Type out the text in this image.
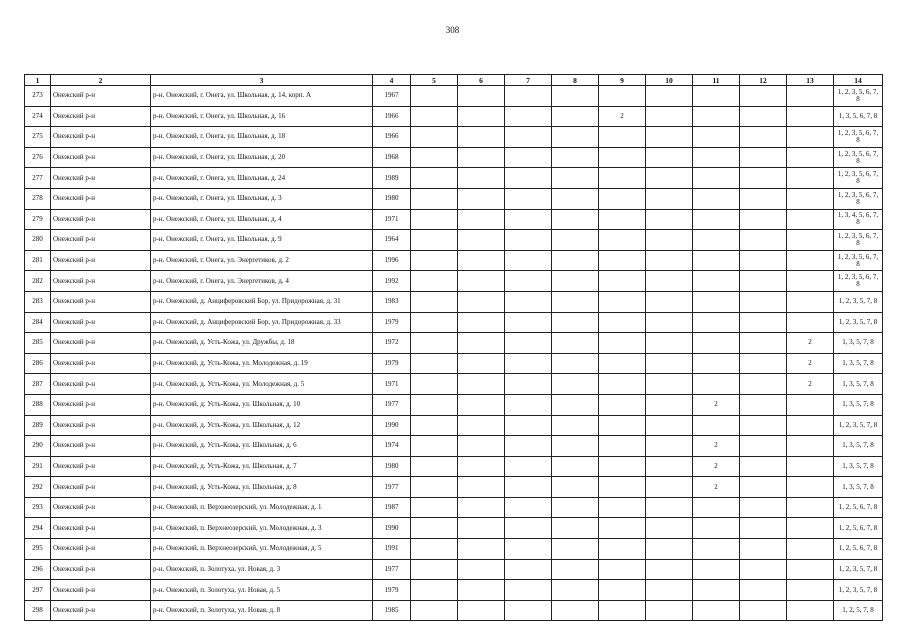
308
1	2	3	4	5	6	7	8	9	10	11	12	13	14
273	Онежский р-н	р-н. Онежский, г. Онега, ул. Школьная, д. 14, корп. А	1967										1, 2, 3, 5, 6, 7, 8
274	Онежский р-н	р-н. Онежский, г. Онега, ул. Школьная, д. 16	1966					2					1, 3, 5, 6, 7, 8
275	Онежский р-н	р-н. Онежский, г. Онега, ул. Школьная, д. 18	1966										1, 2, 3, 5, 6, 7, 8
276	Онежский р-н	р-н. Онежский, г. Онега, ул. Школьная, д. 20	1968										1, 2, 3, 5, 6, 7, 8
277	Онежский р-н	р-н. Онежский, г. Онега, ул. Школьная, д. 24	1989										1, 2, 3, 5, 6, 7, 8
278	Онежский р-н	р-н. Онежский, г. Онега, ул. Школьная, д. 3	1980										1, 2, 3, 5, 6, 7, 8
279	Онежский р-н	р-н. Онежский, г. Онега, ул. Школьная, д. 4	1971										1, 3, 4, 5, 6, 7, 8
280	Онежский р-н	р-н. Онежский, г. Онега, ул. Школьная, д. 9	1964										1, 2, 3, 5, 6, 7, 8
281	Онежский р-н	р-н. Онежский, г. Онега, ул. Энергетиков, д. 2	1996										1, 2, 3, 5, 6, 7, 8
282	Онежский р-н	р-н. Онежский, г. Онега, ул. Энергетиков, д. 4	1992										1, 2, 3, 5, 6, 7, 8
283	Онежский р-н	р-н. Онежский, д. Анциферовский Бор, ул. Придорожная, д. 31	1983										1, 2, 3, 5, 7, 8
284	Онежский р-н	р-н. Онежский, д. Анциферовский Бор, ул. Придорожная, д. 33	1979										1, 2, 3, 5, 7, 8
285	Онежский р-н	р-н. Онежский, д. Усть-Кожа, ул. Дружбы, д. 18	1972									2	1, 3, 5, 7, 8
286	Онежский р-н	р-н. Онежский, д. Усть-Кожа, ул. Молодежная, д. 19	1979									2	1, 3, 5, 7, 8
287	Онежский р-н	р-н. Онежский, д. Усть-Кожа, ул. Молодежная, д. 5	1971									2	1, 3, 5, 7, 8
288	Онежский р-н	р-н. Онежский, д. Усть-Кожа, ул. Школьная, д. 10	1977							2			1, 3, 5, 7, 8
289	Онежский р-н	р-н. Онежский, д. Усть-Кожа, ул. Школьная, д. 12	1990										1, 2, 3, 5, 7, 8
290	Онежский р-н	р-н. Онежский, д. Усть-Кожа, ул. Школьная, д. 6	1974							2			1, 3, 5, 7, 8
291	Онежский р-н	р-н. Онежский, д. Усть-Кожа, ул. Школьная, д. 7	1980							2			1, 3, 5, 7, 8
292	Онежский р-н	р-н. Онежский, д. Усть-Кожа, ул. Школьная, д. 8	1977							2			1, 3, 5, 7, 8
293	Онежский р-н	р-н. Онежский, п. Верхнеозерский, ул. Молодежная, д. 1	1987										1, 2, 5, 6, 7, 8
294	Онежский р-н	р-н. Онежский, п. Верхнеозерский, ул. Молодежная, д. 3	1990										1, 2, 5, 6, 7, 8
295	Онежский р-н	р-н. Онежский, п. Верхнеозерский, ул. Молодежная, д. 5	1991										1, 2, 5, 6, 7, 8
296	Онежский р-н	р-н. Онежский, п. Золотуха, ул. Новая, д. 3	1977										1, 2, 3, 5, 7, 8
297	Онежский р-н	р-н. Онежский, п. Золотуха, ул. Новая, д. 5	1979										1, 2, 3, 5, 7, 8
298	Онежский р-н	р-н. Онежский, п. Золотуха, ул. Новая, д. 8	1985										1, 2, 5, 7, 8
